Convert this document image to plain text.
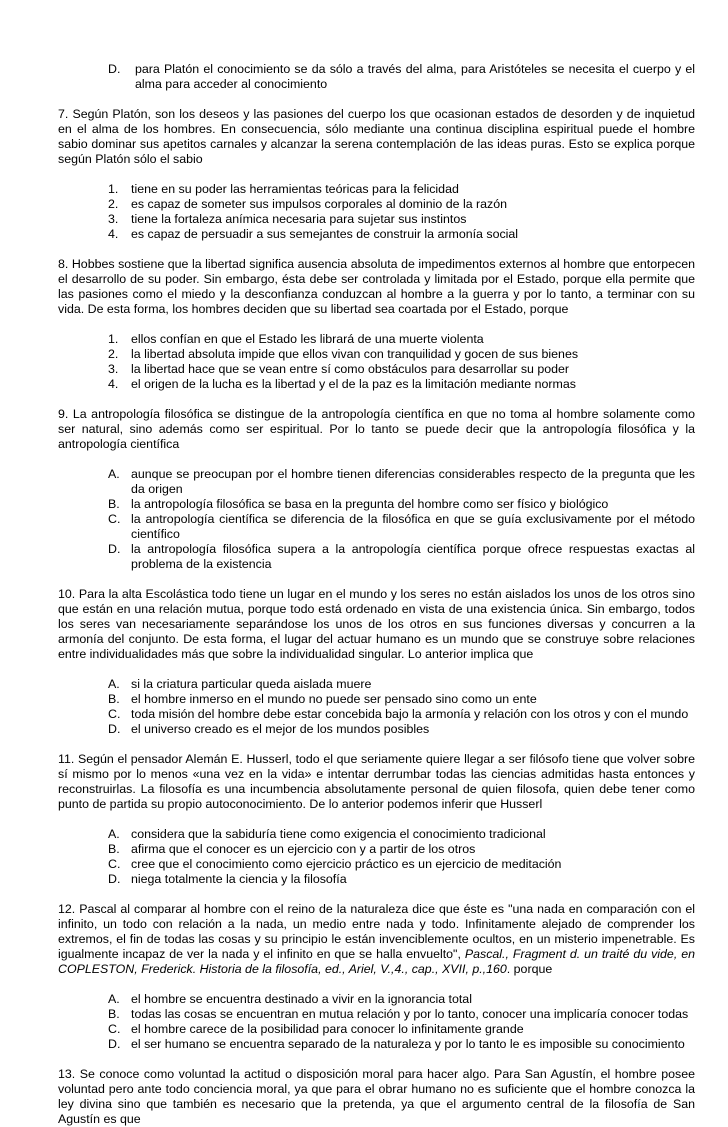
D.	para Platón el conocimiento se da sólo a través del alma, para Aristóteles se necesita el cuerpo y el alma para acceder al conocimiento

7. Según Platón, son los deseos y las pasiones del cuerpo los que ocasionan estados de desorden y de inquietud en el alma de los hombres. En consecuencia, sólo mediante una continua disciplina espiritual puede el hombre sabio dominar sus apetitos carnales y alcanzar la serena contemplación de las ideas puras. Esto se explica porque según Platón sólo el sabio

1.	tiene en su poder las herramientas teóricas para la felicidad
2.	es capaz de someter sus impulsos corporales al dominio de la razón
3.	tiene la fortaleza anímica necesaria para sujetar sus instintos
4.	es capaz de persuadir a sus semejantes de construir la armonía social

8. Hobbes sostiene que la libertad significa ausencia absoluta de impedimentos externos al hombre que entorpecen el desarrollo de su poder. Sin embargo, ésta debe ser controlada y limitada por el Estado, porque ella permite que las pasiones como el miedo y la desconfianza conduzcan al hombre a la guerra y por lo tanto, a terminar con su vida. De esta forma, los hombres deciden que su libertad sea coartada por el Estado, porque

1.	ellos confían en que el Estado les librará de una muerte violenta
2.	la libertad absoluta impide que ellos vivan con tranquilidad y gocen de sus bienes
3.	la libertad hace que se vean entre sí como obstáculos para desarrollar su poder
4.	el origen de la lucha es la libertad y el de la paz es la limitación mediante normas

9. La antropología filosófica se distingue de la antropología científica en que no toma al hombre solamente como ser natural, sino además como ser espiritual. Por lo tanto se puede decir que la antropología filosófica y la antropología científica

A. aunque se preocupan por el hombre tienen diferencias considerables respecto de la pregunta que les da origen
B. la antropología filosófica se basa en la pregunta del hombre como ser físico y biológico
C. la antropología científica se diferencia de la filosófica en que se guía exclusivamente por el método científico
D. la antropología filosófica supera a la antropología científica porque ofrece respuestas exactas al problema de la existencia

10. Para la alta Escolástica todo tiene un lugar en el mundo y los seres no están aislados los unos de los otros sino que están en una relación mutua, porque todo está ordenado en vista de una existencia única. Sin embargo, todos los seres van necesariamente separándose los unos de los otros en sus funciones diversas y concurren a la armonía del conjunto. De esta forma, el lugar del actuar humano es un mundo que se construye sobre relaciones entre individualidades más que sobre la individualidad singular. Lo anterior implica que

A. si la criatura particular queda aislada muere
B. el hombre inmerso en el mundo no puede ser pensado sino como un ente
C. toda misión del hombre debe estar concebida bajo la armonía y relación con los otros y con el mundo
D. el universo creado es el mejor de los mundos posibles

11. Según el pensador Alemán E. Husserl, todo el que seriamente quiere llegar a ser filósofo tiene que volver sobre sí mismo por lo menos «una vez en la vida» e intentar derrumbar todas las ciencias admitidas hasta entonces y reconstruirlas. La filosofía es una incumbencia absolutamente personal de quien filosofa, quien debe tener como punto de partida su propio autoconocimiento. De lo anterior podemos inferir que Husserl

A. considera que la sabiduría tiene como exigencia el conocimiento tradicional
B. afirma que el conocer es un ejercicio con y a partir de los otros
C. cree que el conocimiento como ejercicio práctico es un ejercicio de meditación
D. niega totalmente la ciencia y la filosofía

12. Pascal al comparar al hombre con el reino de la naturaleza dice que éste es "una nada en comparación con el infinito, un todo con relación a la nada, un medio entre nada y todo. Infinitamente alejado de comprender los extremos, el fin de todas las cosas y su principio le están invenciblemente ocultos, en un misterio impenetrable. Es igualmente incapaz de ver la nada y el infinito en que se halla envuelto", Pascal., Fragment d. un traité du vide, en COPLESTON, Frederick. Historia de la filosofía, ed., Ariel, V.,4., cap., XVII, p.,160. porque

A. el hombre se encuentra destinado a vivir en la ignorancia total
B. todas las cosas se encuentran en mutua relación y por lo tanto, conocer una implicaría conocer todas
C. el hombre carece de la posibilidad para conocer lo infinitamente grande
D. el ser humano se encuentra separado de la naturaleza y por lo tanto le es imposible su conocimiento

13. Se conoce como voluntad la actitud o disposición moral para hacer algo. Para San Agustín, el hombre posee voluntad pero ante todo conciencia moral, ya que para el obrar humano no es suficiente que el hombre conozca la ley divina sino que también es necesario que la pretenda, ya que el argumento central de la filosofía de San Agustín es que
